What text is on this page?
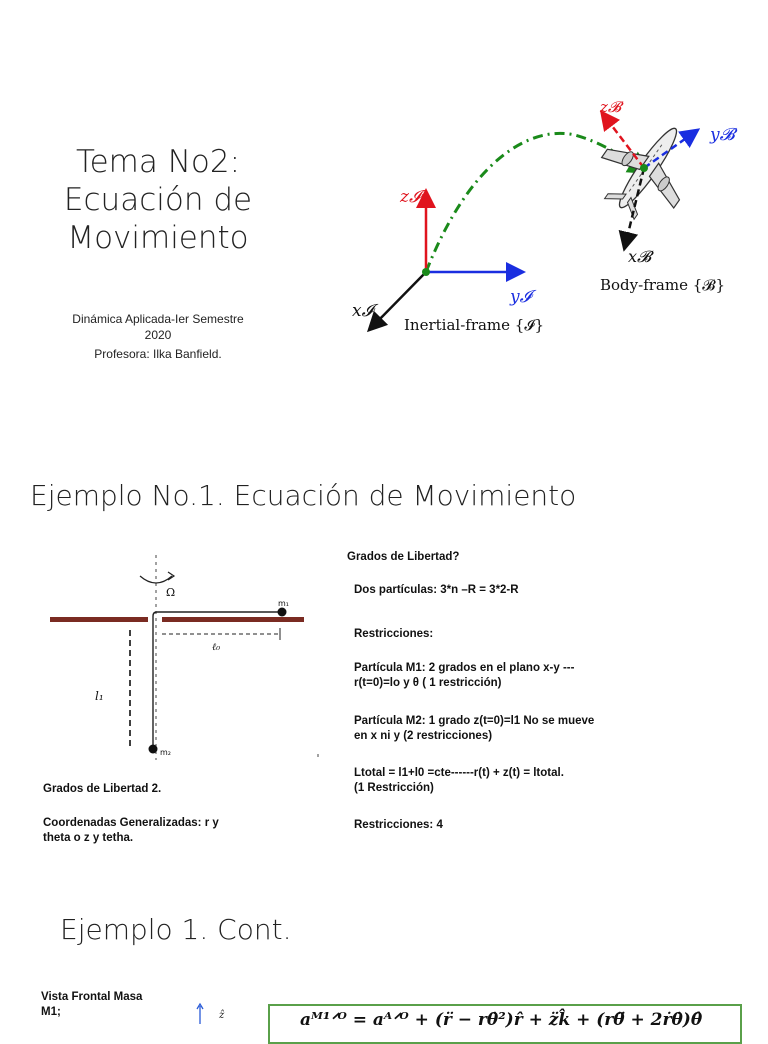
Tema No2:
Ecuación de
Movimiento
Dinámica Aplicada-Ier Semestre
2020
Profesora: Ilka Banfield.
z𝓘
y𝓘
x𝓘
z𝓑
y𝓑
x𝓑
Inertial-frame {𝓘}
Body-frame {𝓑}
Ejemplo No.1. Ecuación de Movimiento
Ω
m₁
m₂
ℓ₀
l₁
Grados de Libertad 2.
Coordenadas Generalizadas: r y
theta o z y tetha.
Grados de Libertad?
Dos partículas: 3*n –R = 3*2-R
Restricciones:
Partícula M1: 2 grados en el plano x-y ---
r(t=0)=lo y θ ( 1 restricción)
Partícula M2: 1 grado z(t=0)=l1 No se mueve
en x ni y (2 restricciones)
Ltotal = l1+l0 =cte------r(t) + z(t) = ltotal.
(1 Restricción)
Restricciones: 4
Ejemplo 1. Cont.
Vista Frontal Masa
M1;	ẑ	aᴹ¹ᐟᴼ = aᴬᐟᴼ + (r̈ − rθ̇²)r̂ + z̈k̂ + (rθ̈ + 2ṙθ̇)θ̂
